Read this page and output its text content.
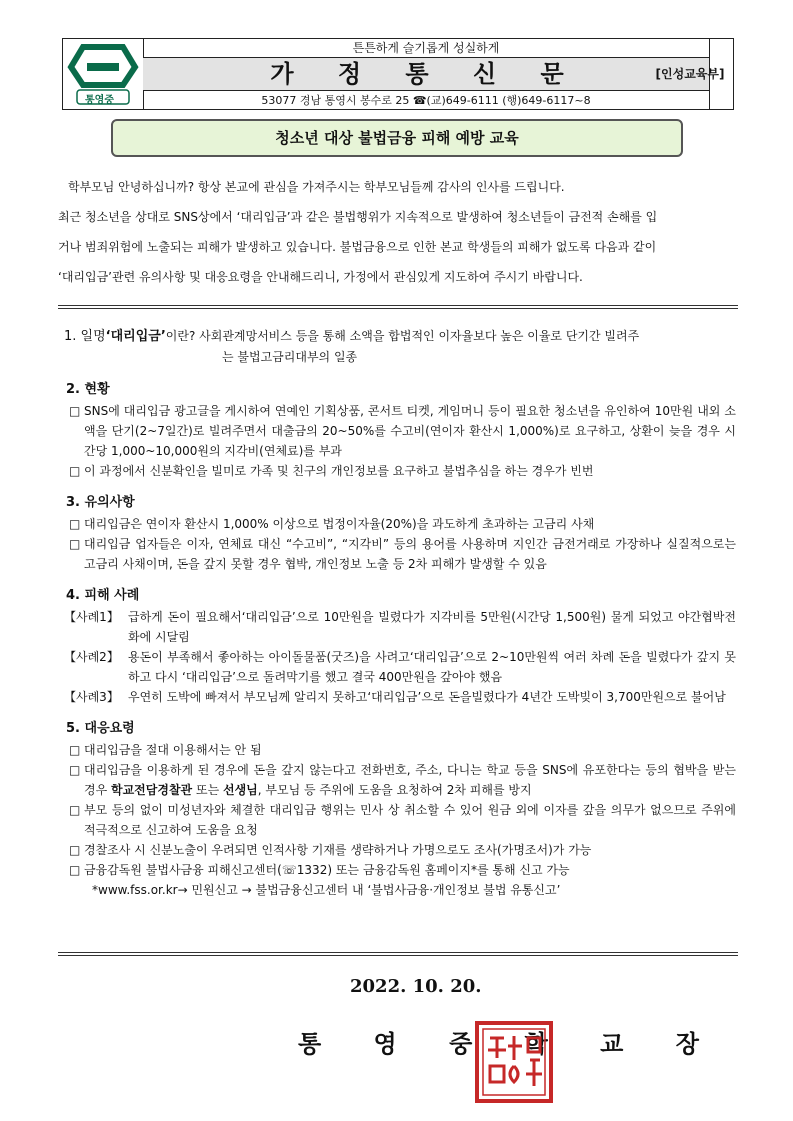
통영중
튼튼하게 슬기롭게 성실하게
가 정 통 신 문
53077 경남 통영시 봉수로 25 ☎(교)649-6111 (행)649-6117~8
[인성교육부]
청소년 대상 불법금융 피해 예방 교육

학부모님 안녕하십니까? 항상 본교에 관심을 가져주시는 학부모님들께 감사의 인사를 드립니다.

최근 청소년을 상대로 SNS상에서 ‘대리입금’과 같은 불법행위가 지속적으로 발생하여 청소년들이 금전적 손해를 입

거나 범죄위험에 노출되는 피해가 발생하고 있습니다. 불법금융으로 인한 본교 학생들의 피해가 없도록 다음과 같이

‘대리입금’관련 유의사항 및 대응요령을 안내해드리니, 가정에서 관심있게 지도하여 주시기 바랍니다.

1. 일명‘대리입금’이란? 사회관계망서비스 등을 통해 소액을 합법적인 이자율보다 높은 이율로 단기간 빌려주
는 불법고금리대부의 일종
2. 현황

□ SNS에 대리입금 광고글을 게시하여 연예인 기획상품, 콘서트 티켓, 게임머니 등이 필요한 청소년을 유인하여 10만원 내외 소액을 단기(2~7일간)로 빌려주면서 대출금의 20~50%를 수고비(연이자 환산시 1,000%)로 요구하고, 상환이 늦을 경우 시간당 1,000~10,000원의 지각비(연체료)를 부과

□ 이 과정에서 신분확인을 빌미로 가족 및 친구의 개인정보를 요구하고 불법추심을 하는 경우가 빈번

3. 유의사항

□ 대리입금은 연이자 환산시 1,000% 이상으로 법정이자율(20%)을 과도하게 초과하는 고금리 사채

□ 대리입금 업자들은 이자, 연체료 대신 “수고비”, “지각비” 등의 용어를 사용하며 지인간 금전거래로 가장하나 실질적으로는 고금리 사채이며, 돈을 갚지 못할 경우 협박, 개인정보 노출 등 2차 피해가 발생할 수 있음

4. 피해 사례
【사례1】 급하게 돈이 필요해서‘대리입금’으로 10만원을 빌렸다가 지각비를 5만원(시간당 1,500원) 물게 되었고 야간협박전화에 시달림
【사례2】 용돈이 부족해서 좋아하는 아이돌물품(굿즈)을 사려고‘대리입금’으로 2~10만원씩 여러 차례 돈을 빌렸다가 갚지 못하고 다시 ‘대리입금’으로 돌려막기를 했고 결국 400만원을 갚아야 했음
【사례3】 우연히 도박에 빠져서 부모님께 알리지 못하고‘대리입금’으로 돈을빌렸다가 4년간 도박빚이 3,700만원으로 불어남
5. 대응요령

□ 대리입금을 절대 이용해서는 안 됨

□ 대리입금을 이용하게 된 경우에 돈을 갚지 않는다고 전화번호, 주소, 다니는 학교 등을 SNS에 유포한다는 등의 협박을 받는 경우 학교전담경찰관 또는 선생님, 부모님 등 주위에 도움을 요청하여 2차 피해를 방지

□ 부모 등의 없이 미성년자와 체결한 대리입금 행위는 민사 상 취소할 수 있어 원금 외에 이자를 갚을 의무가 없으므로 주위에 적극적으로 신고하여 도움을 요청

□ 경찰조사 시 신분노출이 우려되면 인적사항 기재를 생략하거나 가명으로도 조사(가명조서)가 가능

□ 금융감독원 불법사금융 피해신고센터(☏1332) 또는 금융감독원 홈페이지*를 통해 신고 가능

*www.fss.or.kr→ 민원신고 → 불법금융신고센터 내 ‘불법사금융·개인정보 불법 유통신고’
2022. 10. 20.
통 영 중 학 교 장
